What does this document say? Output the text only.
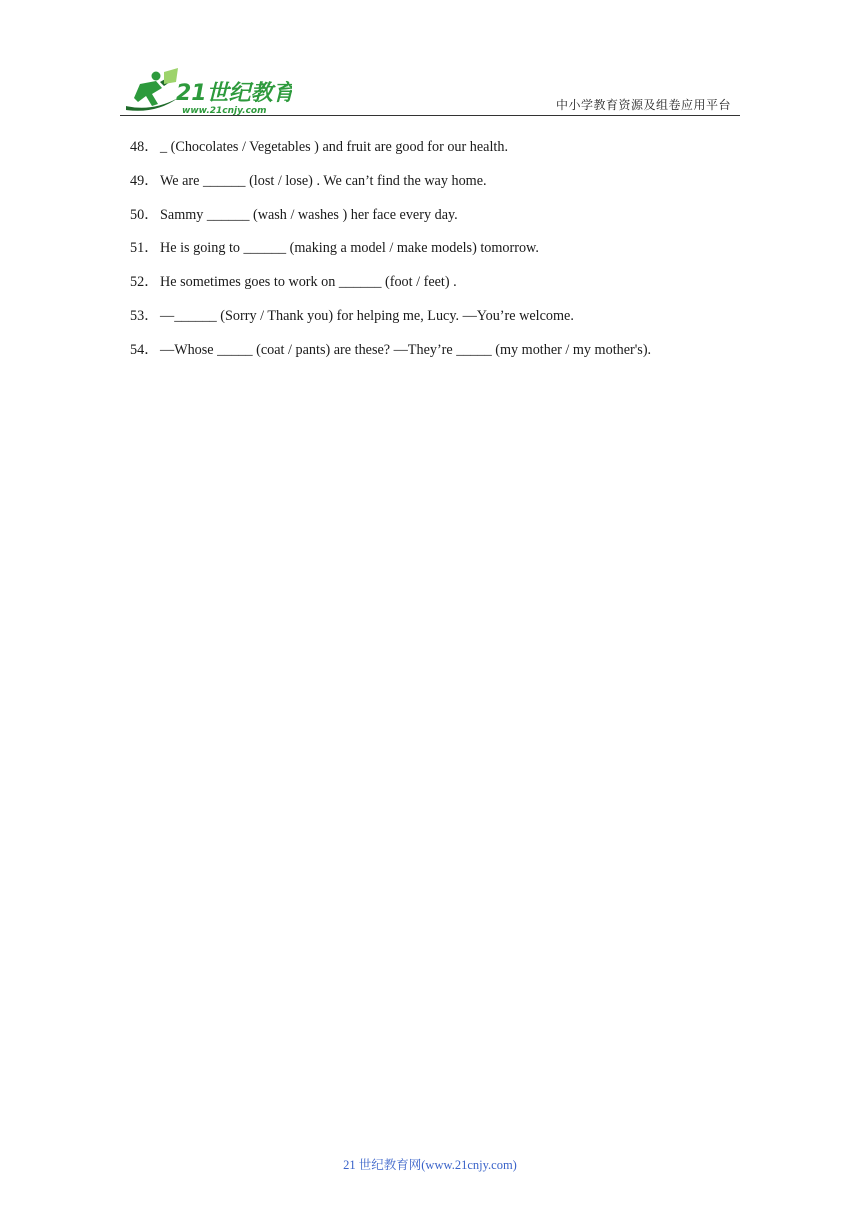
21世纪教育
www.21cnjy.com	中小学教育资源及组卷应用平台
48． _ (Chocolates / Vegetables ) and fruit are good for our health.
49． We are ______ (lost / lose) . We can’t find the way home.
50． Sammy ______ (wash / washes ) her face every day.
51． He is going to ______ (making a model / make models) tomorrow.
52． He sometimes goes to work on ______ (foot / feet) .
53． —______ (Sorry / Thank you) for helping me, Lucy. —You’re welcome.
54． —Whose _____ (coat / pants) are these? —They’re _____ (my mother / my mother's).
21 世纪教育网(www.21cnjy.com)
